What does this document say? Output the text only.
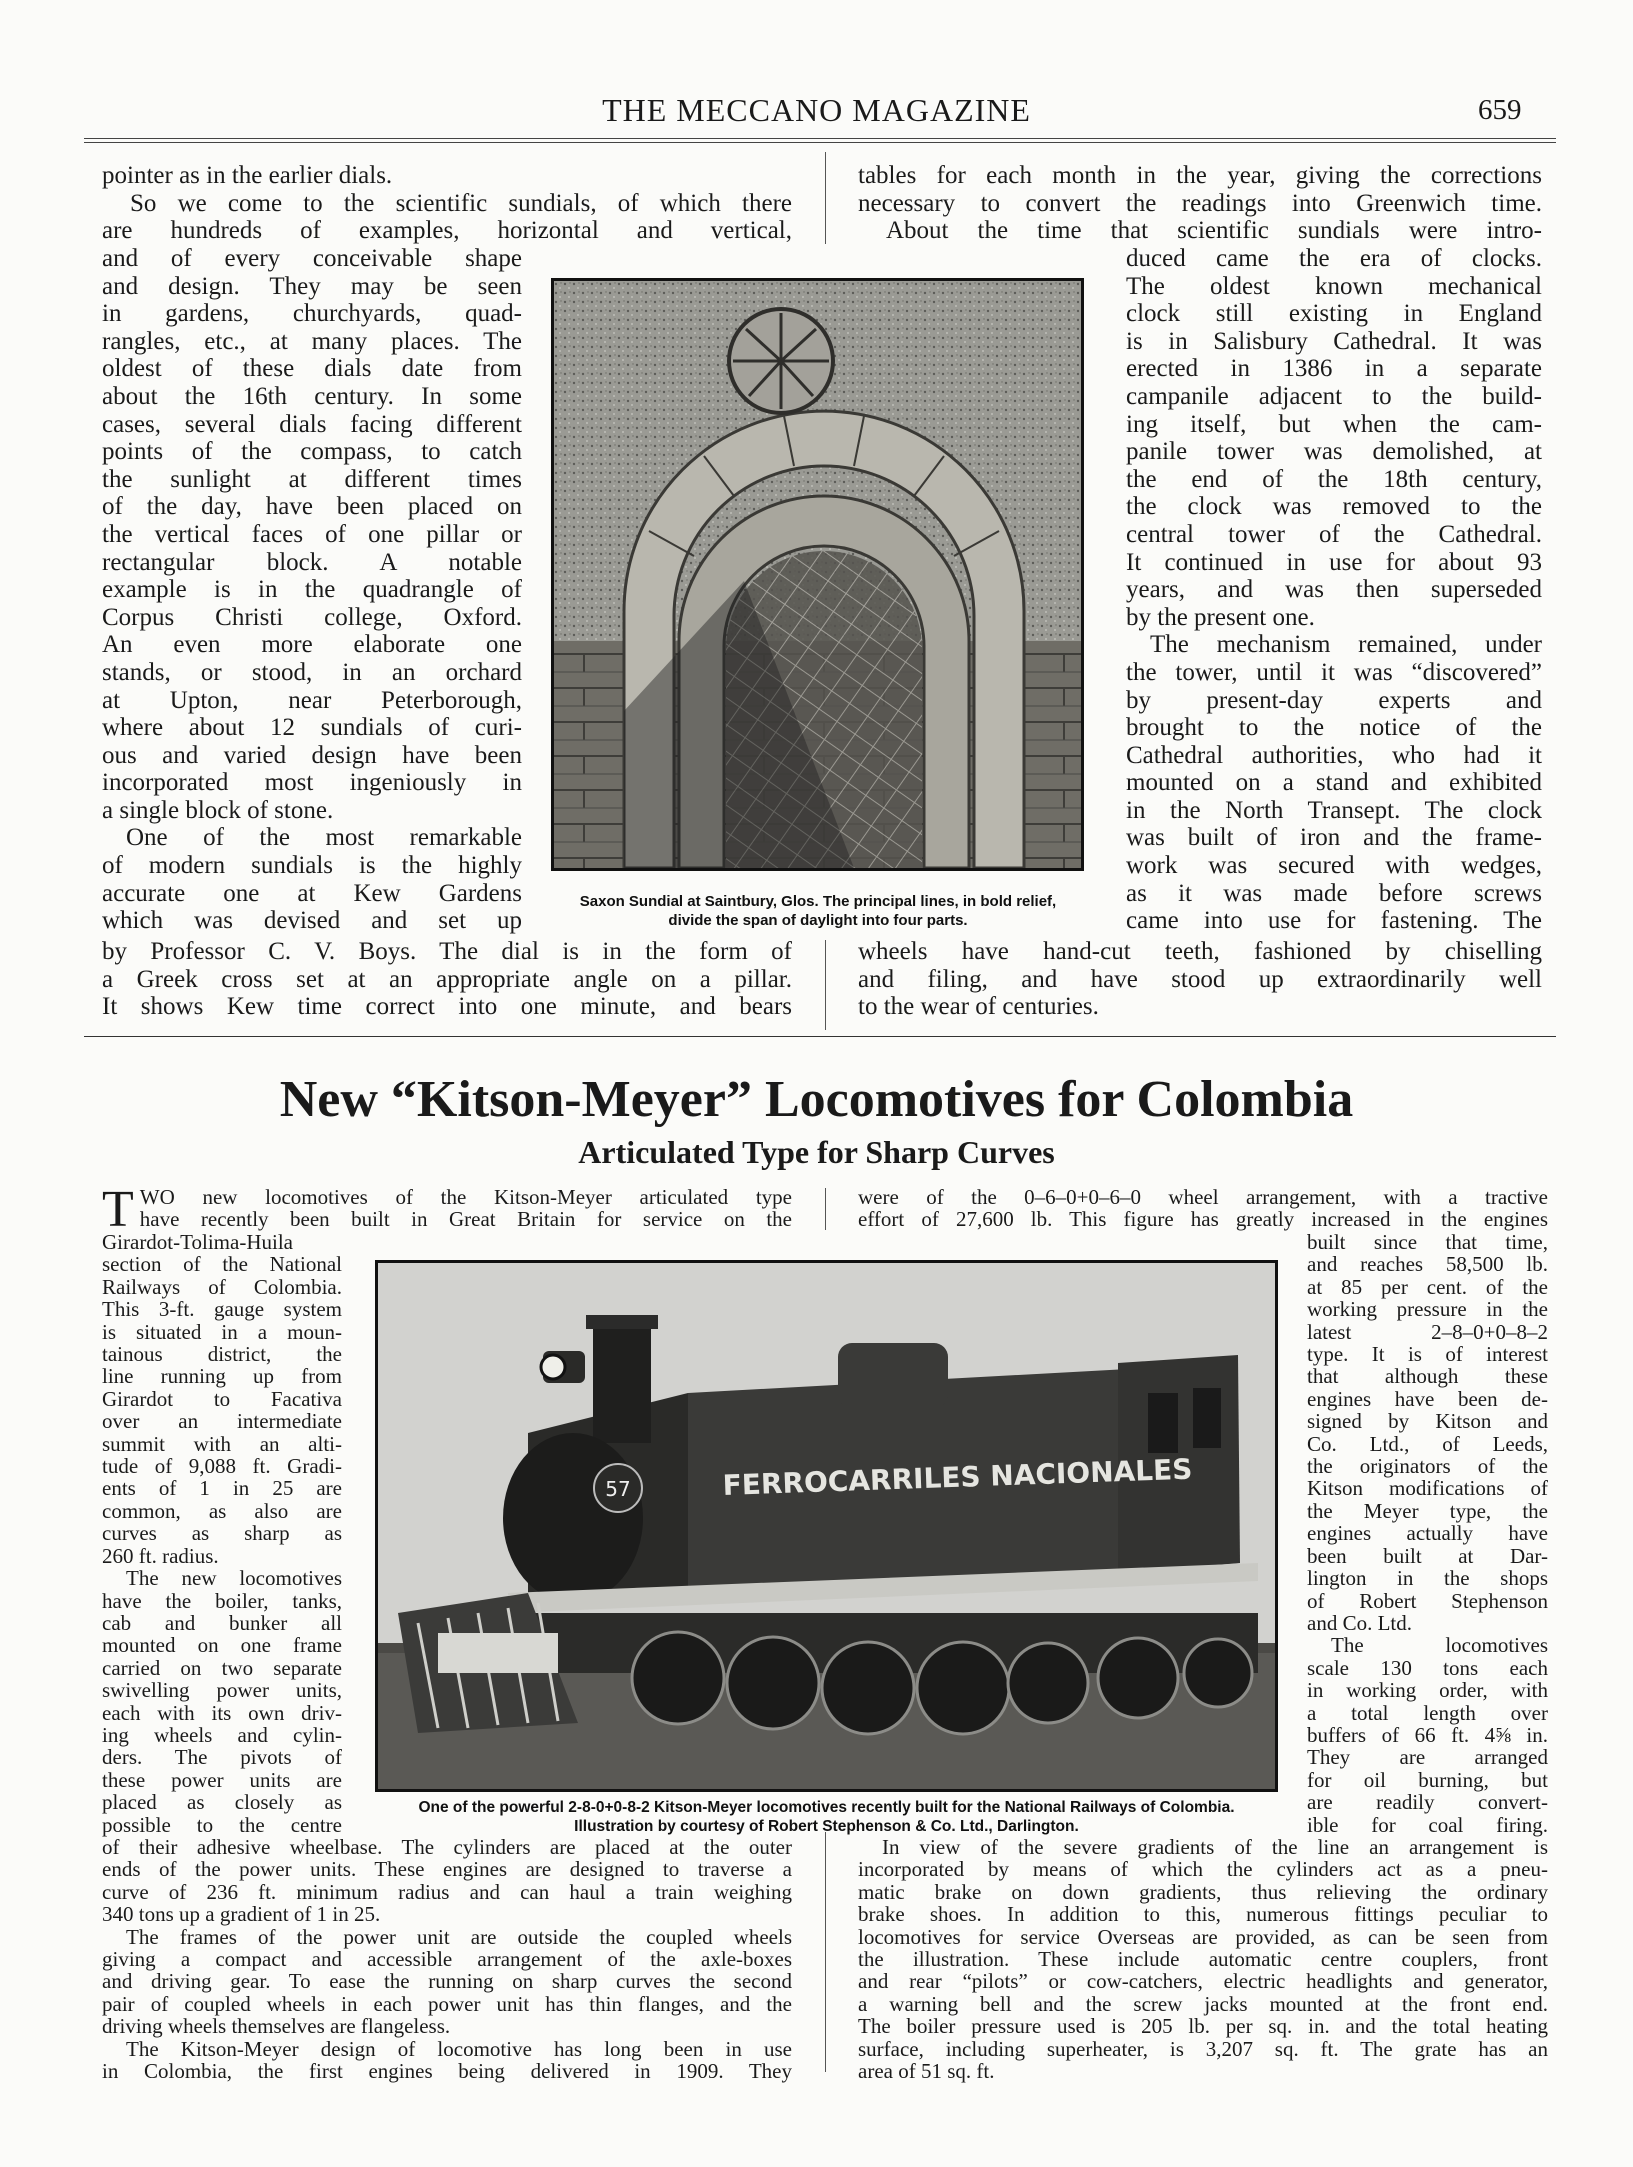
THE MECCANO MAGAZINE	659

pointer as in the earlier dials.

So we come to the scientific sundials, of which there

are hundreds of examples, horizontal and vertical,

and of every conceivable shape
and design. They may be seen
in gardens, churchyards, quad-
rangles, etc., at many places. The
oldest of these dials date from
about the 16th century. In some
cases, several dials facing different
points of the compass, to catch
the sunlight at different times
of the day, have been placed on
the vertical faces of one pillar or
rectangular block. A notable
example is in the quadrangle of
Corpus Christi college, Oxford.
An even more elaborate one
stands, or stood, in an orchard
at Upton, near Peterborough,
where about 12 sundials of curi-
ous and varied design have been
incorporated most ingeniously in
a single block of stone.
One of the most remarkable
of modern sundials is the highly
accurate one at Kew Gardens
which was devised and set up

by Professor C. V. Boys. The dial is in the form of

a Greek cross set at an appropriate angle on a pillar.

It shows Kew time correct into one minute, and bears

Saxon Sundial at Saintbury, Glos. The principal lines, in bold relief,
divide the span of daylight into four parts.

tables for each month in the year, giving the corrections

necessary to convert the readings into Greenwich time.

About the time that scientific sundials were intro-

duced came the era of clocks.
The oldest known mechanical
clock still existing in England
is in Salisbury Cathedral. It was
erected in 1386 in a separate
campanile adjacent to the build-
ing itself, but when the cam-
panile tower was demolished, at
the end of the 18th century,
the clock was removed to the
central tower of the Cathedral.
It continued in use for about 93
years, and was then superseded
by the present one.
The mechanism remained, under
the tower, until it was “discovered”
by present-day experts and
brought to the notice of the
Cathedral authorities, who had it
mounted on a stand and exhibited
in the North Transept. The clock
was built of iron and the frame-
work was secured with wedges,
as it was made before screws
came into use for fastening. The

wheels have hand-cut teeth, fashioned by chiselling

and filing, and have stood up extraordinarily well

to the wear of centuries.

New “Kitson-Meyer” Locomotives for Colombia
Articulated Type for Sharp Curves
T WO new locomotives of the Kitson-Meyer articulated type
have recently been built in Great Britain for service on the
Girardot-Tolima-Huila
section of the National
Railways of Colombia.
This 3-ft. gauge system
is situated in a moun-
tainous district, the
line running up from
Girardot to Facativa
over an intermediate
summit with an alti-
tude of 9,088 ft. Gradi-
ents of 1 in 25 are
common, as also are
curves as sharp as
260 ft. radius.
The new locomotives
have the boiler, tanks,
cab and bunker all
mounted on one frame
carried on two separate
swivelling power units,
each with its own driv-
ing wheels and cylin-
ders. The pivots of
these power units are
placed as closely as
possible to the centre
of their adhesive wheelbase. The cylinders are placed at the outer
ends of the power units. These engines are designed to traverse a
curve of 236 ft. minimum radius and can haul a train weighing
340 tons up a gradient of 1 in 25.
The frames of the power unit are outside the coupled wheels
giving a compact and accessible arrangement of the axle-boxes
and driving gear. To ease the running on sharp curves the second
pair of coupled wheels in each power unit has thin flanges, and the
driving wheels themselves are flangeless.
The Kitson-Meyer design of locomotive has long been in use
in Colombia, the first engines being delivered in 1909. They
57	FERROCARRILES NACIONALES
One of the powerful 2-8-0+0-8-2 Kitson-Meyer locomotives recently built for the National Railways of Colombia.
Illustration by courtesy of Robert Stephenson & Co. Ltd., Darlington.
were of the 0–6–0+0–6–0 wheel arrangement, with a tractive
effort of 27,600 lb. This figure has greatly increased in the engines
built since that time,
and reaches 58,500 lb.
at 85 per cent. of the
working pressure in the
latest 2–8–0+0–8–2
type. It is of interest
that although these
engines have been de-
signed by Kitson and
Co. Ltd., of Leeds,
the originators of the
Kitson modifications of
the Meyer type, the
engines actually have
been built at Dar-
lington in the shops
of Robert Stephenson
and Co. Ltd.
The locomotives
scale 130 tons each
in working order, with
a total length over
buffers of 66 ft. 4⅝ in.
They are arranged
for oil burning, but
are readily convert-
ible for coal firing.
In view of the severe gradients of the line an arrangement is
incorporated by means of which the cylinders act as a pneu-
matic brake on down gradients, thus relieving the ordinary
brake shoes. In addition to this, numerous fittings peculiar to
locomotives for service Overseas are provided, as can be seen from
the illustration. These include automatic centre couplers, front
and rear “pilots” or cow-catchers, electric headlights and generator,
a warning bell and the screw jacks mounted at the front end.
The boiler pressure used is 205 lb. per sq. in. and the total heating
surface, including superheater, is 3,207 sq. ft. The grate has an
area of 51 sq. ft.
